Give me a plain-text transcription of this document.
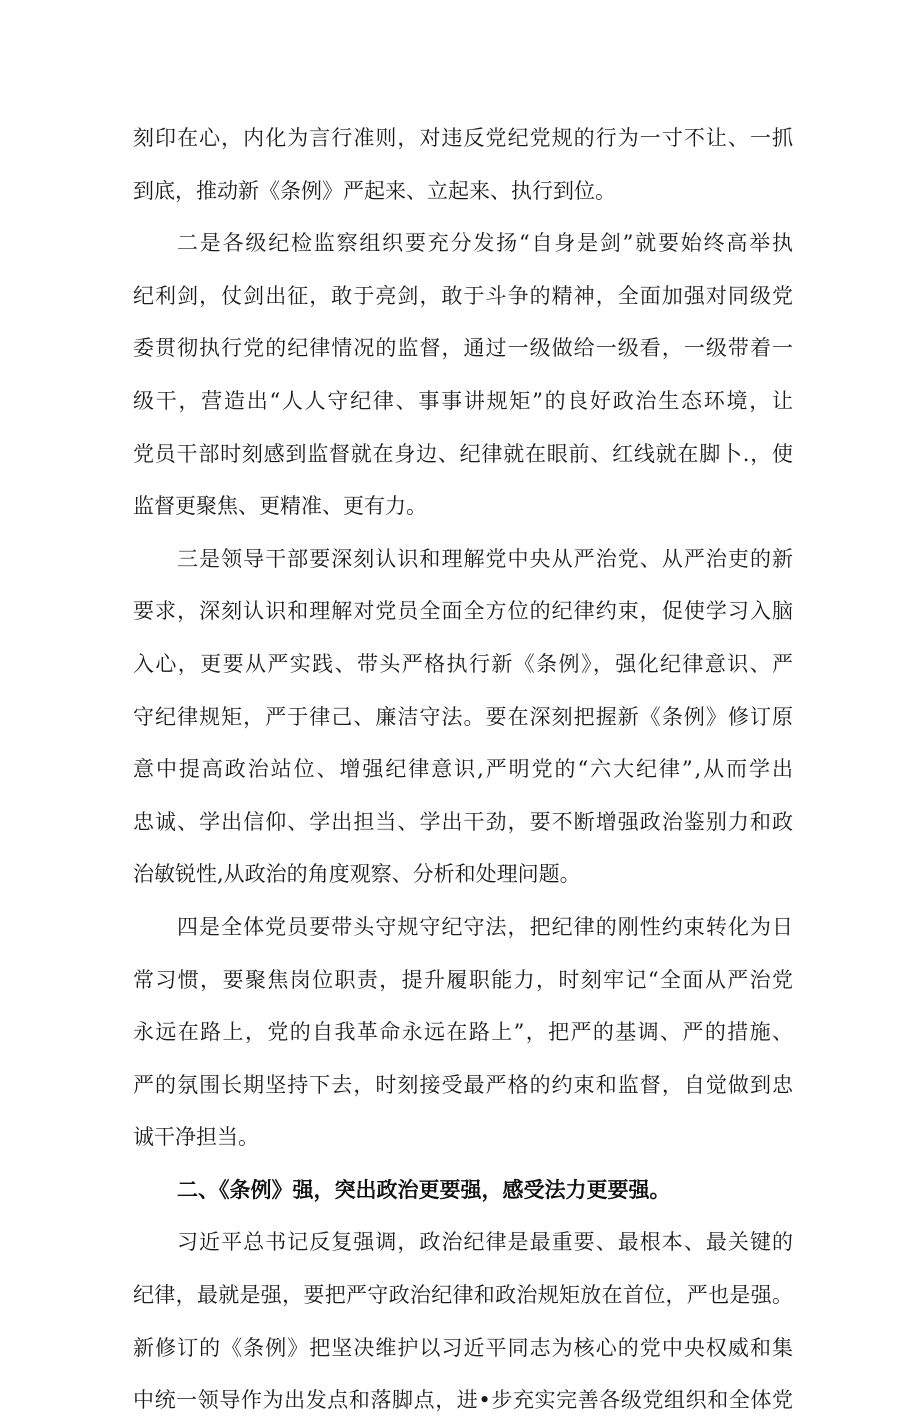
刻印在心，内化为言行准则，对违反党纪党规的行为一寸不让、一抓
到底，推动新《条例》严起来、立起来、执行到位。
二是各级纪检监察组织要充分发扬“自身是剑”就要始终高举执
纪利剑，仗剑出征，敢于亮剑，敢于斗争的精神，全面加强对同级党
委贯彻执行党的纪律情况的监督，通过一级做给一级看，一级带着一
级干，营造出“人人守纪律、事事讲规矩”的良好政治生态环境，让
党员干部时刻感到监督就在身边、纪律就在眼前、红线就在脚卜.，使
监督更聚焦、更精准、更有力。
三是领导干部要深刻认识和理解党中央从严治党、从严治吏的新
要求，深刻认识和理解对党员全面全方位的纪律约束，促使学习入脑
入心，更要从严实践、带头严格执行新《条例》，强化纪律意识、严
守纪律规矩，严于律己、廉洁守法。要在深刻把握新《条例》修订原
意中提高政治站位、增强纪律意识,严明党的“六大纪律”,从而学出
忠诚、学出信仰、学出担当、学出干劲，要不断增强政治鉴别力和政
治敏锐性,从政治的角度观察、分析和处理问题。
四是全体党员要带头守规守纪守法，把纪律的刚性约束转化为日
常习惯，要聚焦岗位职责，提升履职能力，时刻牢记“全面从严治党
永远在路上，党的自我革命永远在路上”，把严的基调、严的措施、
严的氛围长期坚持下去，时刻接受最严格的约束和监督，自觉做到忠
诚干净担当。
二、《条例》强，突出政治更要强，感受法力更要强。
习近平总书记反复强调，政治纪律是最重要、最根本、最关键的
纪律，最就是强，要把严守政治纪律和政治规矩放在首位，严也是强。
新修订的《条例》把坚决维护以习近平同志为核心的党中央权威和集
中统一领导作为出发点和落脚点，进•步充实完善各级党组织和全体党
